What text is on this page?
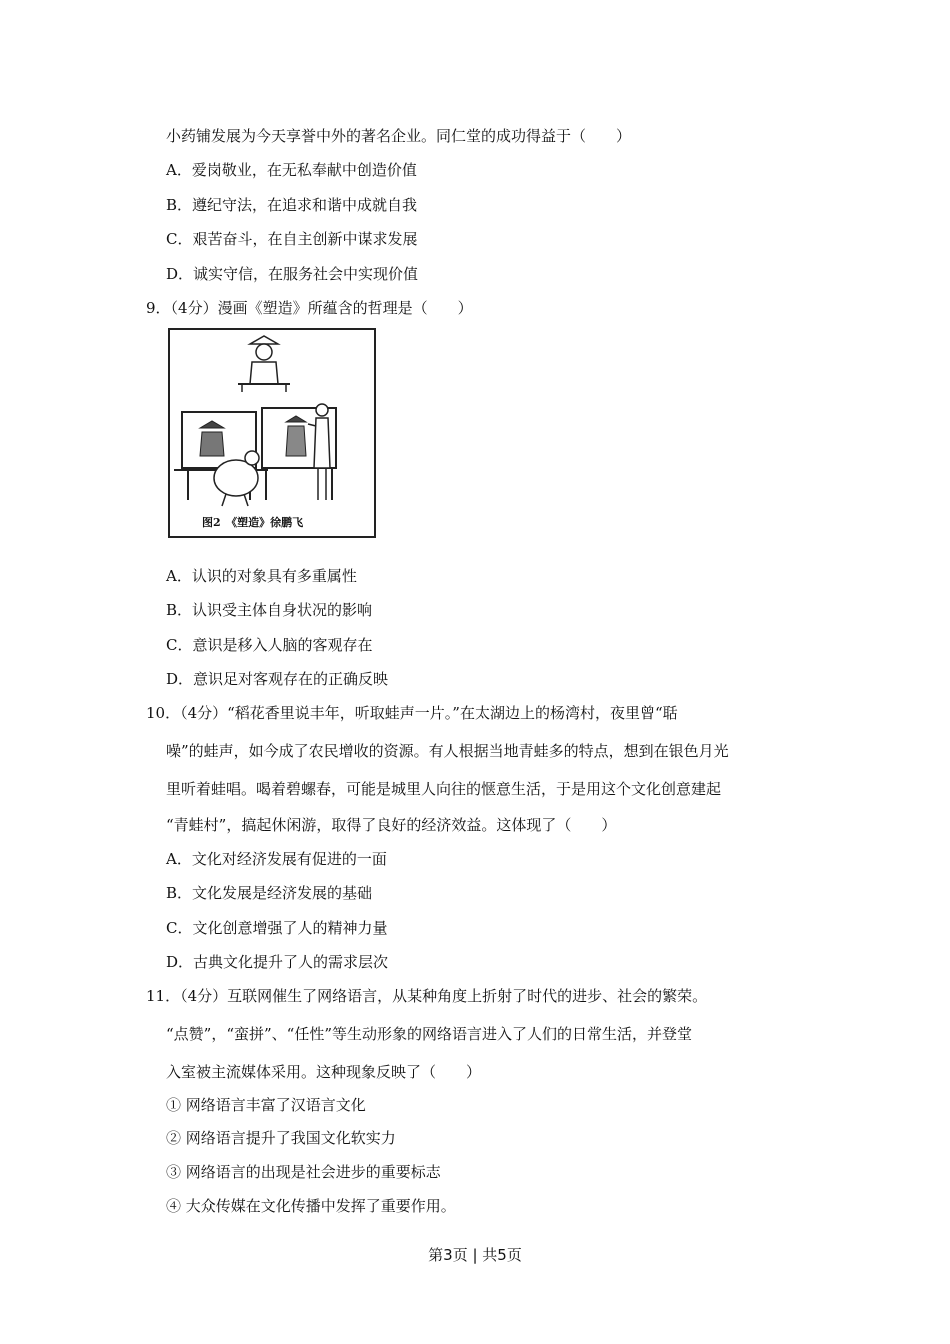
小药铺发展为今天享誉中外的著名企业。同仁堂的成功得益于（　　）
A．爱岗敬业，在无私奉献中创造价值
B．遵纪守法，在追求和谐中成就自我
C．艰苦奋斗，在自主创新中谋求发展
D．诚实守信，在服务社会中实现价值
9．（4分）漫画《塑造》所蕴含的哲理是（　　）
图2　《塑造》徐鹏飞
A．认识的对象具有多重属性
B．认识受主体自身状况的影响
C．意识是移入人脑的客观存在
D．意识足对客观存在的正确反映
10．（4分）“稻花香里说丰年，听取蛙声一片。”在太湖边上的杨湾村，夜里曾“聒
噪”的蛙声，如今成了农民增收的资源。有人根据当地青蛙多的特点，想到在银色月光
里听着蛙唱。喝着碧螺春，可能是城里人向往的惬意生活，于是用这个文化创意建起
“青蛙村”，搞起休闲游，取得了良好的经济效益。这体现了（　　）
A．文化对经济发展有促进的一面
B．文化发展是经济发展的基础
C．文化创意增强了人的精神力量
D．古典文化提升了人的需求层次
11．（4分）互联网催生了网络语言，从某种角度上折射了时代的进步、社会的繁荣。
“点赞”，“蛮拼”、“任性”等生动形象的网络语言进入了人们的日常生活，并登堂
入室被主流媒体采用。这种现象反映了（　　）
① 网络语言丰富了汉语言文化
② 网络语言提升了我国文化软实力
③ 网络语言的出现是社会进步的重要标志
④ 大众传媒在文化传播中发挥了重要作用。
第3页 | 共5页
